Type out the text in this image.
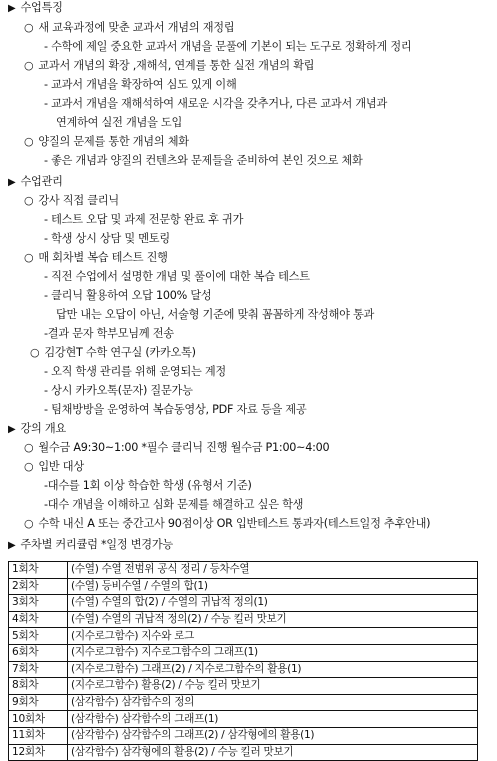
▶ 수업특징
○ 새 교육과정에 맞춘 교과서 개념의 재정립
- 수학에 제일 중요한 교과서 개념을 문풀에 기본이 되는 도구로 정확하게 정리
○ 교과서 개념의 확장 ,재해석, 연계를 통한 실전 개념의 확립
- 교과서 개념을 확장하여 심도 있게 이해
- 교과서 개념을 재해석하여 새로운 시각을 갖추거나, 다른 교과서 개념과
연계하여 실전 개념을 도입
○ 양질의 문제를 통한 개념의 체화
- 좋은 개념과 양질의 컨텐츠와 문제들을 준비하여 본인 것으로 체화
▶ 수업관리
○ 강사 직접 클리닉
- 테스트 오답 및 과제 전문항 완료 후 귀가
- 학생 상시 상담 및 멘토링
○ 매 회차별 복습 테스트 진행
- 직전 수업에서 설명한 개념 및 풀이에 대한 복습 테스트
- 클리닉 활용하여 오답 100% 달성
답만 내는 오답이 아닌, 서술형 기준에 맞춰 꼼꼼하게 작성해야 통과
-결과 문자 학부모님께 전송
○ 김강현T 수학 연구실 (카카오톡)
- 오직 학생 관리를 위해 운영되는 계정
- 상시 카카오톡(문자) 질문가능
- 팀채방방을 운영하여 복습동영상, PDF 자료 등을 제공
▶ 강의 개요
○ 월수금 A9:30~1:00 *필수 클리닉 진행 월수금 P1:00~4:00
○ 입반 대상
-대수를 1회 이상 학습한 학생 (유형서 기준)
-대수 개념을 이해하고 심화 문제를 해결하고 싶은 학생
○ 수학 내신 A 또는 중간고사 90점이상 OR 입반테스트 통과자(테스트일정 추후안내)
▶ 주차별 커리큘럼 *일정 변경가능
1회차	(수열) 수열 전범위 공식 정리 / 등차수열
2회차	(수열) 등비수열 / 수열의 합(1)
3회차	(수열) 수열의 합(2) / 수열의 귀납적 정의(1)
4회차	(수열) 수열의 귀납적 정의(2) / 수능 킬러 맛보기
5회차	(지수로그함수) 지수와 로그
6회차	(지수로그함수) 지수로그함수의 그래프(1)
7회차	(지수로그함수) 그래프(2) / 지수로그함수의 활용(1)
8회차	(지수로그함수) 활용(2) / 수능 킬러 맛보기
9회차	(삼각함수) 삼각함수의 정의
10회차	(삼각함수) 삼각함수의 그래프(1)
11회차	(삼각함수) 삼각함수의 그래프(2) / 삼각형에의 활용(1)
12회차	(삼각함수) 삼각형에의 활용(2) / 수능 킬러 맛보기
